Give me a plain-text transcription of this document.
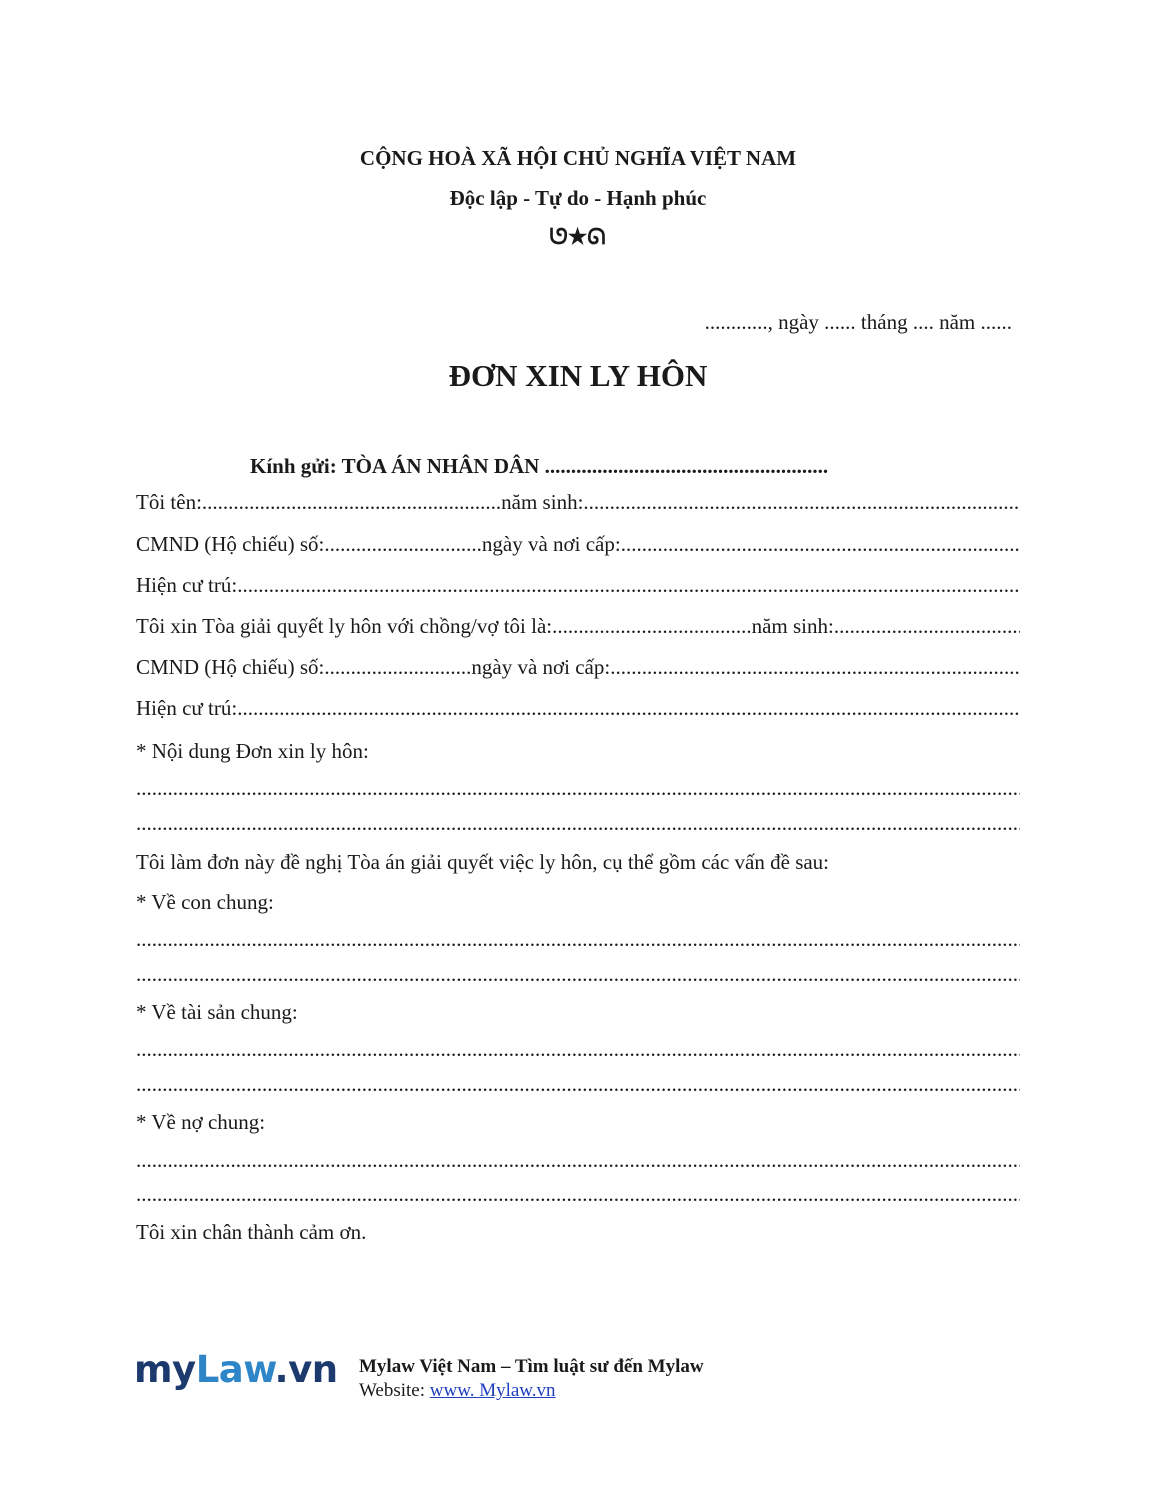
CỘNG HOÀ XÃ HỘI CHỦ NGHĨA VIỆT NAM
Độc lập - Tự do - Hạnh phúc
ᘎ★ᘏ
............, ngày ...... tháng .... năm ......
ĐƠN XIN LY HÔN
Kính gửi: TÒA ÁN NHÂN DÂN ......................................................
Tôi tên: ......................................................... năm sinh:
.....
CMND (Hộ chiếu) số: .............................. ngày và nơi cấp:
.....
Hiện cư trú:
.....
Tôi xin Tòa giải quyết ly hôn với chồng/vợ tôi là: ...................................... năm sinh:
.....
CMND (Hộ chiếu) số: ............................ ngày và nơi cấp:
.....
Hiện cư trú:
.....
* Nội dung Đơn xin ly hôn:
.....
.....
Tôi làm đơn này đề nghị Tòa án giải quyết việc ly hôn, cụ thể gồm các vấn đề sau:
* Về con chung:
.....
.....
* Về tài sản chung:
.....
.....
* Về nợ chung:
.....
.....
Tôi xin chân thành cảm ơn.
myLaw.vn Mylaw Việt Nam – Tìm luật sư đến Mylaw
Website: www. Mylaw.vn
